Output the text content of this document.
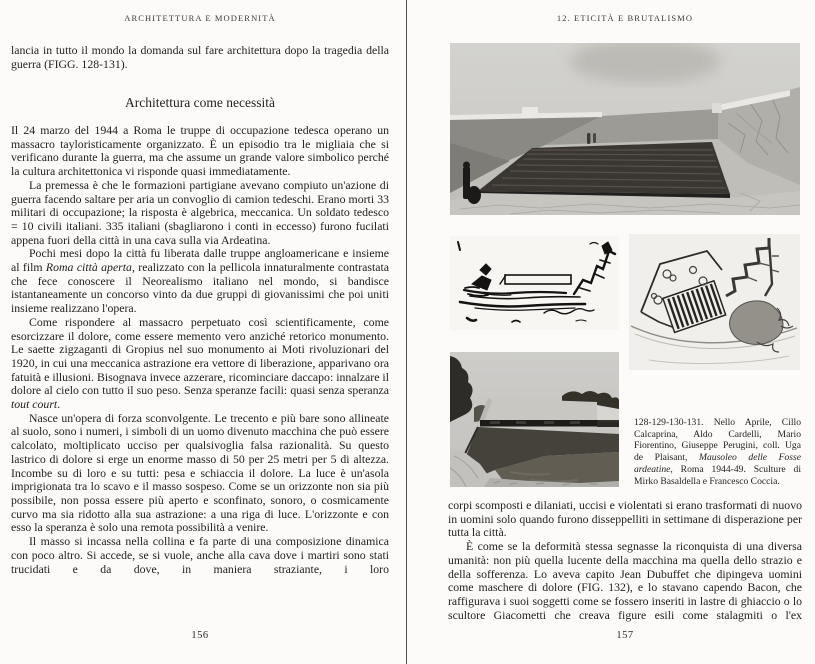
ARCHITETTURA E MODERNITÀ

lancia in tutto il mondo la domanda sul fare architettura dopo la tragedia della guerra (FIGG. 128-131).

Architettura come necessità

Il 24 marzo del 1944 a Roma le truppe di occupazione tedesca operano un massacro tayloristicamente organizzato. È un episodio tra le migliaia che si verificano durante la guerra, ma che assume un grande valore simbolico perché la cultura architettonica vi risponde quasi immediatamente.

La premessa è che le formazioni partigiane avevano compiuto un'azione di guerra facendo saltare per aria un convoglio di camion tedeschi. Erano morti 33 militari di occupazione; la risposta è algebrica, meccanica. Un soldato tedesco = 10 civili italiani. 335 italiani (sbagliarono i conti in eccesso) furono fucilati appena fuori della città in una cava sulla via Ardeatina.

Pochi mesi dopo la città fu liberata dalle truppe angloamericane e insieme al film Roma città aperta, realizzato con la pellicola innaturalmente contrastata che fece conoscere il Neorealismo italiano nel mondo, si bandisce istantaneamente un concorso vinto da due gruppi di giovanissimi che poi uniti insieme realizzano l'opera.

Come rispondere al massacro perpetuato così scientificamente, come esorcizzare il dolore, come essere memento vero anziché retorico monumento. Le saette zigzaganti di Gropius nel suo monumento ai Moti rivoluzionari del 1920, in cui una meccanica astrazione era vettore di liberazione, apparivano ora fatuità e illusioni. Bisognava invece azzerare, ricominciare daccapo: innalzare il dolore al cielo con tutto il suo peso. Senza speranze facili: quasi senza speranza tout court.

Nasce un'opera di forza sconvolgente. Le trecento e più bare sono allineate al suolo, sono i numeri, i simboli di un uomo divenuto macchina che può essere calcolato, moltiplicato ucciso per qualsivoglia falsa razionalità. Su questo lastrico di dolore si erge un enorme masso di 50 per 25 metri per 5 di altezza. Incombe su di loro e su tutti: pesa e schiaccia il dolore. La luce è un'asola imprigionata tra lo scavo e il masso sospeso. Come se un orizzonte non sia più possibile, non possa essere più aperto e sconfinato, sonoro, o cosmicamente curvo ma sia ridotto alla sua astrazione: a una riga di luce. L'orizzonte e con esso la speranza è solo una remota possibilità a venire.

Il masso si incassa nella collina e fa parte di una composizione dinamica con poco altro. Si accede, se si vuole, anche alla cava dove i martiri sono stati trucidati e da dove, in maniera straziante, i loro

156
12. ETICITÀ E BRUTALISMO
157
128-129-130-131. Nello Aprile, Cillo Calcaprina, Aldo Cardelli, Mario Fiorentino, Giuseppe Perugini, coll. Uga de Plaisant, Mausoleo delle Fosse ardeatine, Roma 1944-49. Sculture di Mirko Basaldella e Francesco Coccia.

corpi scomposti e dilaniati, uccisi e violentati si erano trasformati di nuovo in uomini solo quando furono disseppelliti in settimane di disperazione per tutta la città.

È come se la deformità stessa segnasse la riconquista di una diversa umanità: non più quella lucente della macchina ma quella dello strazio e della sofferenza. Lo aveva capito Jean Dubuffet che dipingeva uomini come maschere di dolore (FIG. 132), e lo stavano capendo Bacon, che raffigurava i suoi soggetti come se fossero inseriti in lastre di ghiaccio o lo scultore Giacometti che creava figure esili come stalagmiti o l'ex
